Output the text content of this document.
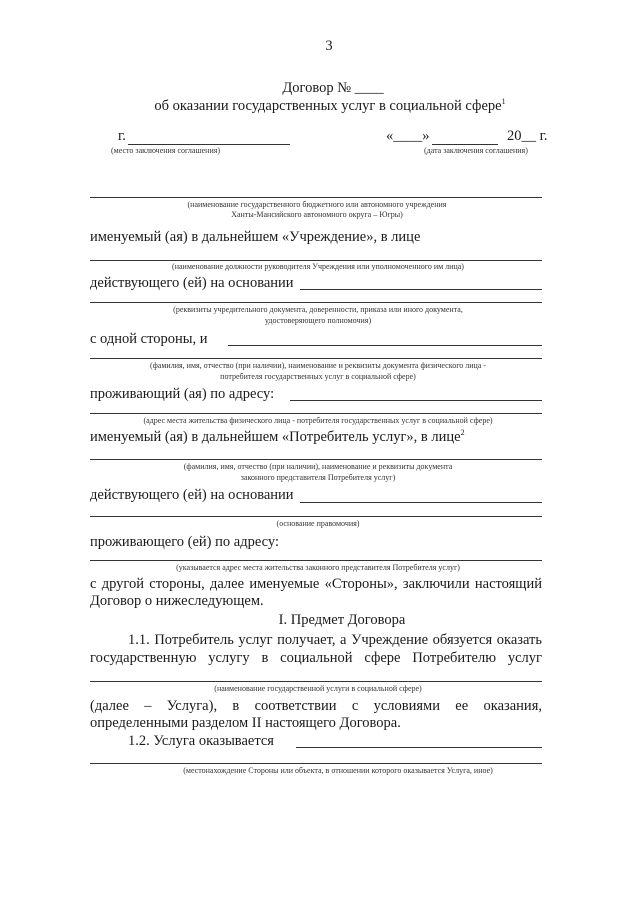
3
Договор № ____
об оказании государственных услуг в социальной сфере$^1$
г.
(место заключения соглашения)
«____»	20__ г.
(дата заключения соглашения)
(наименование государственного бюджетного или автономного учреждения
Ханты-Мансийского автономного округа – Югры)
именуемый (ая) в дальнейшем «Учреждение», в лице
(наименование должности руководителя Учреждения или уполномоченного им лица)
действующего (ей) на основании
(реквизиты учредительного документа, доверенности, приказа или иного документа,
удостоверяющего полномочия)
с одной стороны, и
(фамилия, имя, отчество (при наличии), наименование и реквизиты документа физического лица -
потребителя государственных услуг в социальной сфере)
проживающий (ая) по адресу:
(адрес места жительства физического лица - потребителя государственных услуг в социальной сфере)
именуемый (ая) в дальнейшем «Потребитель услуг», в лице$^2$
(фамилия, имя, отчество (при наличии), наименование и реквизиты документа
законного представителя Потребителя услуг)
действующего (ей) на основании
(основание правомочия)
проживающего (ей) по адресу:
(указывается адрес места жительства законного представителя Потребителя услуг)
с другой стороны, далее именуемые «Стороны», заключили настоящий
Договор о нижеследующем.
I. Предмет Договора
1.1. Потребитель услуг получает, а Учреждение обязуется оказать
государственную услугу в социальной сфере Потребителю услуг
(наименование государственной услуги в социальной сфере)
(далее – Услуга), в соответствии с условиями ее оказания,
определенными разделом II настоящего Договора.
1.2. Услуга оказывается
(местонахождение Стороны или объекта, в отношении которого оказывается Услуга, иное)
